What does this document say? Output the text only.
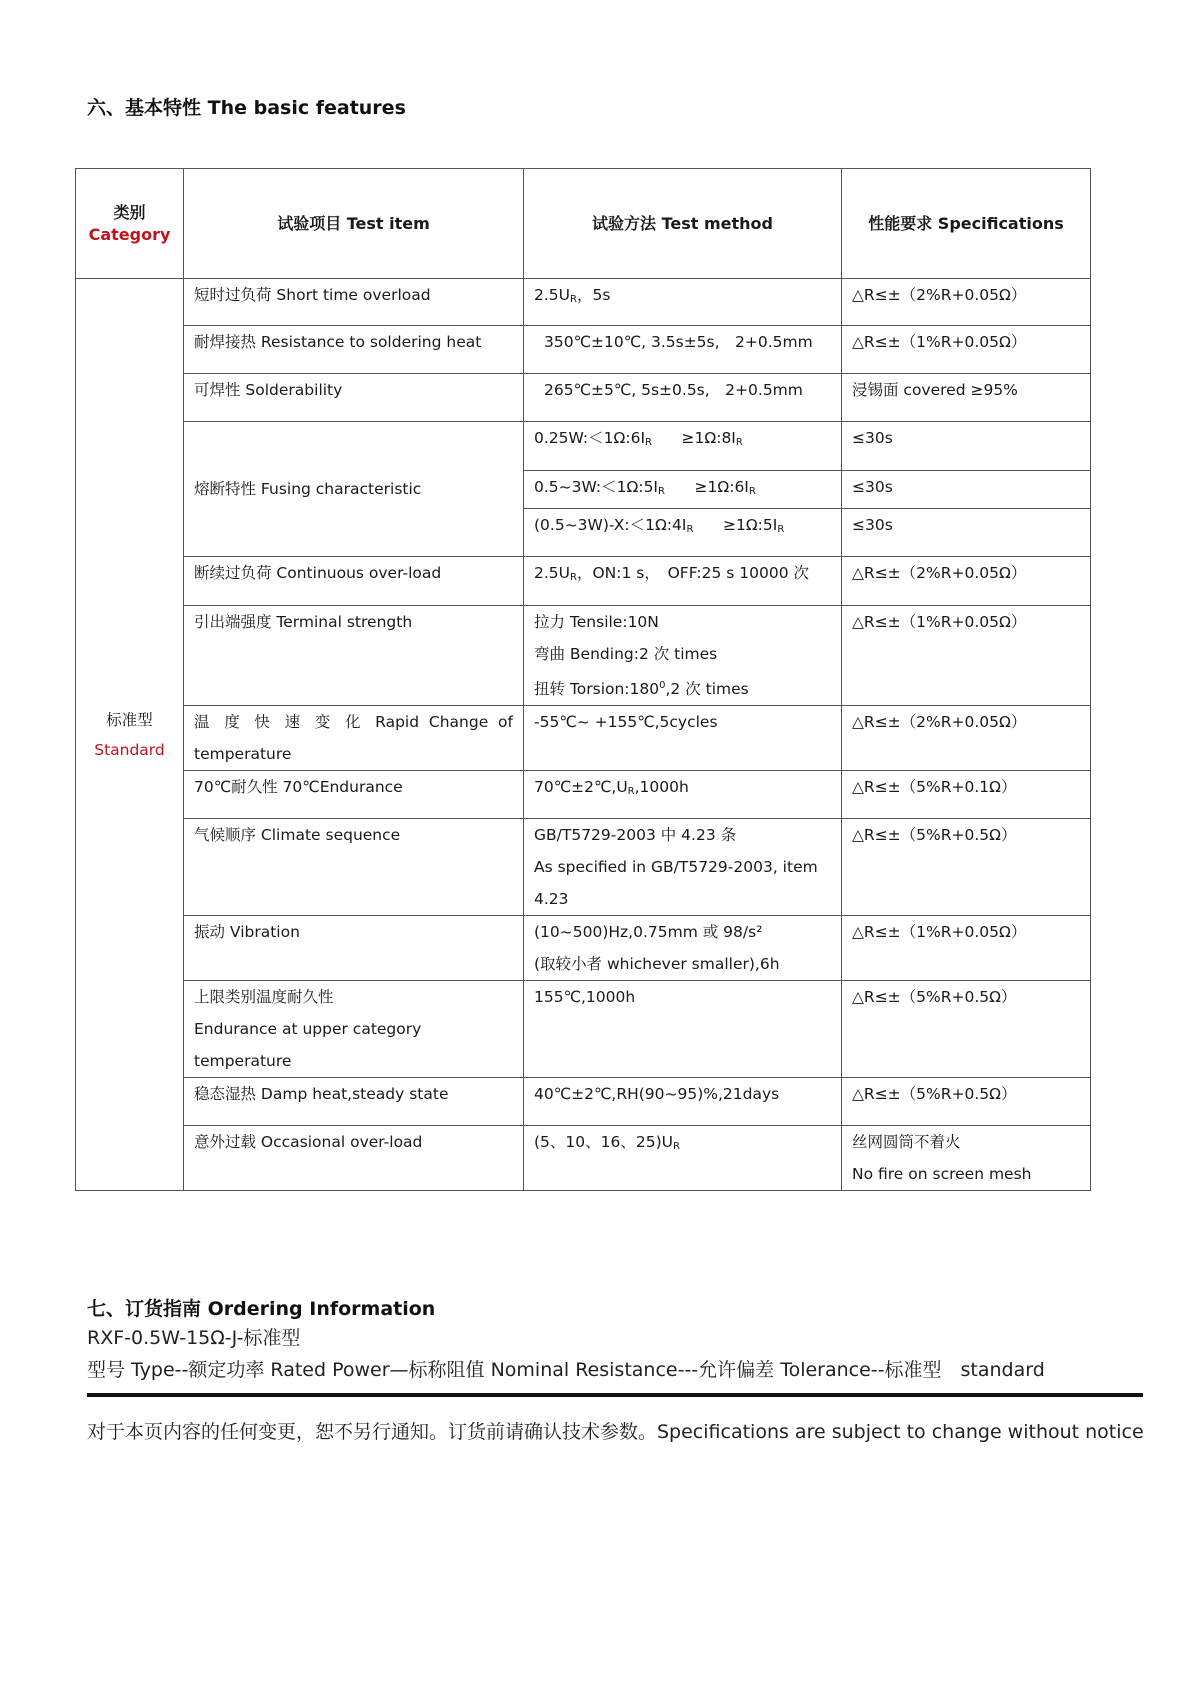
六、基本特性 The basic features
类别
Category	试验项目 Test item	试验方法 Test method	性能要求 Specifications

标准型
Standard	短时过负荷 Short time overload	2.5UR，5s	△R≤±（2%R+0.05Ω）
	耐焊接热 Resistance to soldering heat	350℃±10℃, 3.5s±5s,　2+0.5mm	△R≤±（1%R+0.05Ω）
	可焊性 Solderability	265℃±5℃, 5s±0.5s,　2+0.5mm	浸锡面 covered ≥95%
	熔断特性 Fusing characteristic	0.25W:＜1Ω:6IR ≥1Ω:8IR	≤30s
		0.5~3W:＜1Ω:5IR ≥1Ω:6IR	≤30s
		(0.5~3W)-X:＜1Ω:4IR ≥1Ω:5IR	≤30s
	断续过负荷 Continuous over-load	2.5UR，ON:1 s，　OFF:25 s 10000 次	△R≤±（2%R+0.05Ω）
	引出端强度 Terminal strength	拉力 Tensile:10N
弯曲 Bending:2 次 times
扭转 $Torsion:180^0,2$ 次 times	△R≤±（1%R+0.05Ω）

	温 度 快 速 变 化 Rapid Change of
temperature	-55℃~ +155℃,5cycles	△R≤±（2%R+0.05Ω）
	70℃耐久性 70℃Endurance	70℃±2℃,UR,1000h	△R≤±（5%R+0.1Ω）
	气候顺序 Climate sequence	GB/T5729-2003 中 4.23 条
As specified in GB/T5729-2003, item
4.23	△R≤±（5%R+0.5Ω）
	振动 Vibration	(10~500)Hz,0.75mm 或 98/s²
(取较小者 whichever smaller),6h	△R≤±（1%R+0.05Ω）

	上限类别温度耐久性
Endurance at upper category temperature	155℃,1000h	△R≤±（5%R+0.5Ω）
	稳态湿热 Damp heat,steady state	40℃±2℃,RH(90~95)%,21days	△R≤±（5%R+0.5Ω）
	意外过载 Occasional over-load	(5、10、16、25)UR	丝网圆筒不着火
No fire on screen mesh
七、订货指南 Ordering Information
RXF-0.5W-15Ω-J-标准型
型号 Type--额定功率 Rated Power—标称阻值 Nominal Resistance---允许偏差 Tolerance--标准型　standard
对于本页内容的任何变更，恕不另行通知。订货前请确认技术参数。Specifications are subject to change without notice
